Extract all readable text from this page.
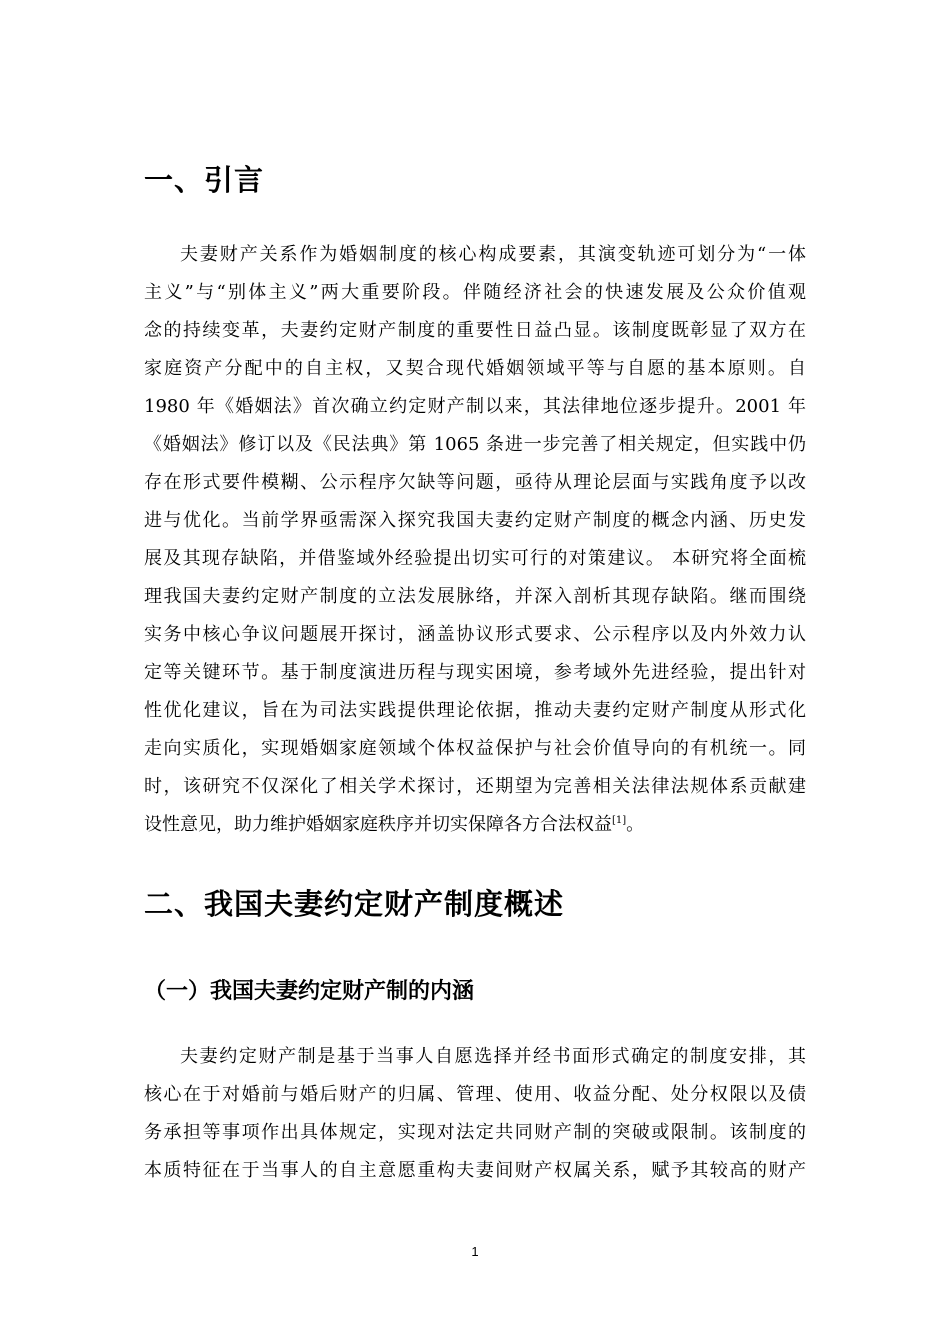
一、引言
夫妻财产关系作为婚姻制度的核心构成要素，其演变轨迹可划分为“一体
主义”与“别体主义”两大重要阶段。伴随经济社会的快速发展及公众价值观
念的持续变革，夫妻约定财产制度的重要性日益凸显。该制度既彰显了双方在
家庭资产分配中的自主权，又契合现代婚姻领域平等与自愿的基本原则。自
1980 年《婚姻法》首次确立约定财产制以来，其法律地位逐步提升。2001 年
《婚姻法》修订以及《民法典》第 1065 条进一步完善了相关规定，但实践中仍
存在形式要件模糊、公示程序欠缺等问题，亟待从理论层面与实践角度予以改
进与优化。当前学界亟需深入探究我国夫妻约定财产制度的概念内涵、历史发
展及其现存缺陷，并借鉴域外经验提出切实可行的对策建议。 本研究将全面梳
理我国夫妻约定财产制度的立法发展脉络，并深入剖析其现存缺陷。继而围绕
实务中核心争议问题展开探讨，涵盖协议形式要求、公示程序以及内外效力认
定等关键环节。基于制度演进历程与现实困境，参考域外先进经验，提出针对
性优化建议，旨在为司法实践提供理论依据，推动夫妻约定财产制度从形式化
走向实质化，实现婚姻家庭领域个体权益保护与社会价值导向的有机统一。同
时，该研究不仅深化了相关学术探讨，还期望为完善相关法律法规体系贡献建
设性意见，助力维护婚姻家庭秩序并切实保障各方合法权益[1]。
二、我国夫妻约定财产制度概述
（一）我国夫妻约定财产制的内涵
夫妻约定财产制是基于当事人自愿选择并经书面形式确定的制度安排，其
核心在于对婚前与婚后财产的归属、管理、使用、收益分配、处分权限以及债
务承担等事项作出具体规定，实现对法定共同财产制的突破或限制。该制度的
本质特征在于当事人的自主意愿重构夫妻间财产权属关系，赋予其较高的财产
1
